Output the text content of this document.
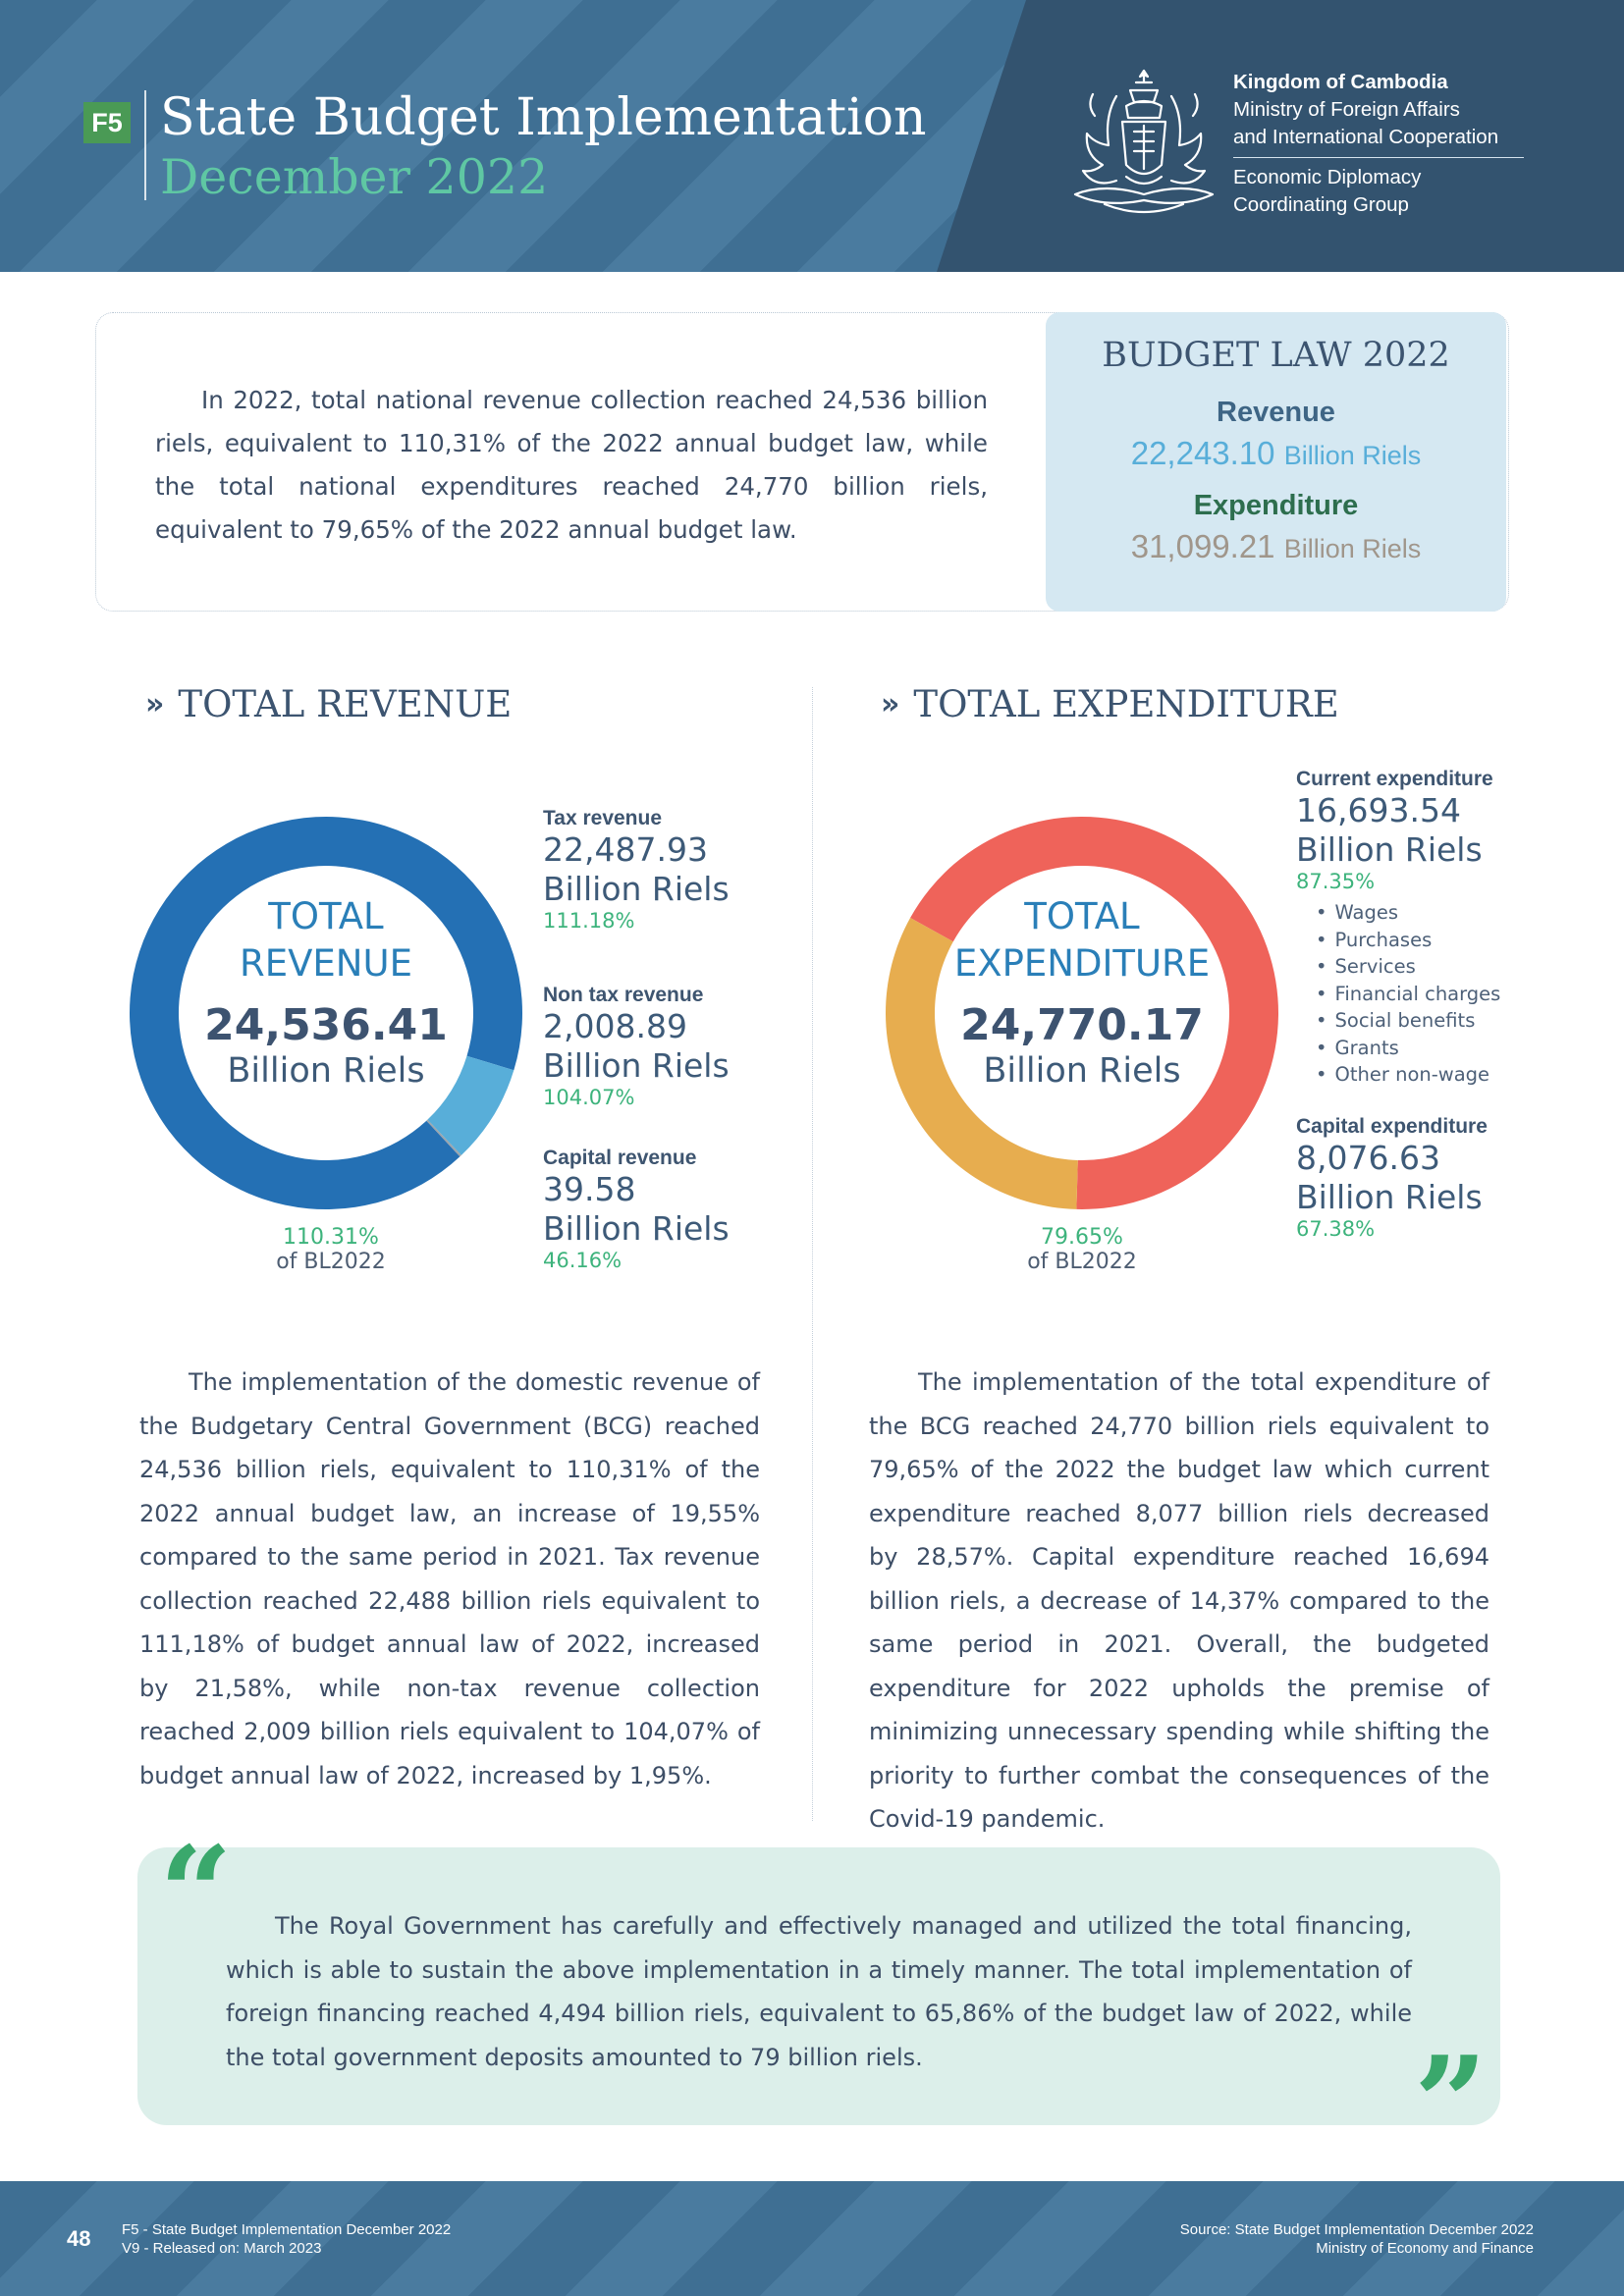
F5 State Budget Implementation
December 2022
Kingdom of Cambodia
Ministry of Foreign Affairs
and International Cooperation
Economic Diplomacy
Coordinating Group

In 2022, total national revenue collection reached 24,536 billion riels, equivalent to 110,31% of the 2022 annual budget law, while the total national expenditures reached 24,770 billion riels, equivalent to 79,65% of the 2022 annual budget law.

BUDGET LAW 2022
Revenue
22,243.10 Billion Riels
Expenditure
31,099.21 Billion Riels
» TOTAL REVENUE	» TOTAL EXPENDITURE
TOTAL
REVENUE
24,536.41
Billion Riels
110.31%
of BL2022
Tax revenue
22,487.93
Billion Riels
111.18%
Non tax revenue
2,008.89
Billion Riels
104.07%
Capital revenue
39.58
Billion Riels
46.16%
TOTAL
EXPENDITURE
24,770.17
Billion Riels
79.65%
of BL2022
Current expenditure
16,693.54
Billion Riels
87.35%
• Wages
• Purchases
• Services
• Financial charges
• Social benefits
• Grants
• Other non-wage
Capital expenditure
8,076.63
Billion Riels
67.38%

The implementation of the domestic revenue of the Budgetary Central Government (BCG) reached 24,536 billion riels, equivalent to 110,31% of the 2022 annual budget law, an increase of 19,55% compared to the same period in 2021. Tax revenue collection reached 22,488 billion riels equivalent to 111,18% of budget annual law of 2022, increased by 21,58%, while non-tax revenue collection reached 2,009 billion riels equivalent to 104,07% of budget annual law of 2022, increased by 1,95%.

The implementation of the total expenditure of the BCG reached 24,770 billion riels equivalent to 79,65% of the 2022 the budget law which current expenditure reached 8,077 billion riels decreased by 28,57%. Capital expenditure reached 16,694 billion riels, a decrease of 14,37% compared to the same period in 2021. Overall, the budgeted expenditure for 2022 upholds the premise of minimizing unnecessary spending while shifting the priority to further combat the consequences of the Covid-19 pandemic.

“	The Royal Government has carefully and effectively managed and utilized the total financing, which is able to sustain the above implementation in a timely manner. The total implementation of foreign financing reached 4,494 billion riels, equivalent to 65,86% of the budget law of 2022, while the total government deposits amounted to 79 billion riels.	”
48 F5 - State Budget Implementation December 2022
V9 - Released on: March 2023
Source: State Budget Implementation December 2022
Ministry of Economy and Finance
